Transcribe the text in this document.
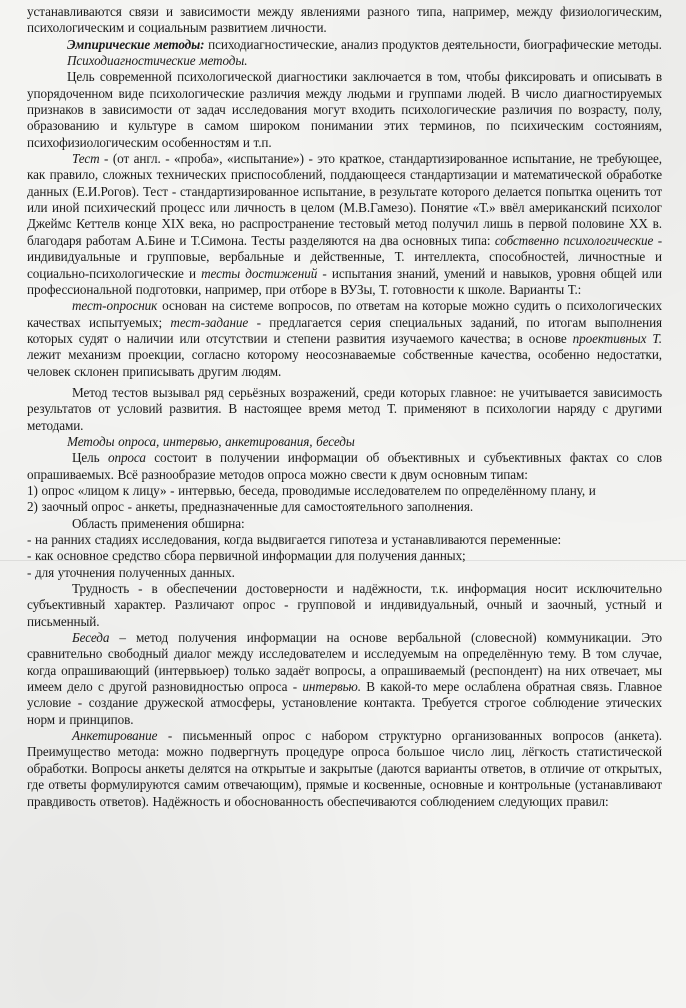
устанавливаются связи и зависимости между явлениями разного типа, например, между физиологическим, психологическим и социальным развитием личности.

Эмпирические методы: психодиагностические, анализ продуктов деятельности, биографические методы.

Психодиагностические методы.

Цель современной психологической диагностики заключается в том, чтобы фиксировать и описывать в упорядоченном виде психологические различия между людьми и группами людей. В число диагностируемых признаков в зависимости от задач исследования могут входить психологические различия по возрасту, полу, образованию и культуре в самом широком понимании этих терминов, по психическим состояниям, психофизиологическим особенностям и т.п.

Тест - (от англ. - «проба», «испытание») - это краткое, стандартизированное испытание, не требующее, как правило, сложных технических приспособлений, поддающееся стандартизации и математической обработке данных (Е.И.Рогов). Тест - стандартизированное испытание, в результате которого делается попытка оценить тот или иной психический процесс или личность в целом (М.В.Гамезо). Понятие «Т.» ввёл американский психолог Джеймс Кеттелв конце XIX века, но распространение тестовый метод получил лишь в первой половине XX в. благодаря работам А.Бине и Т.Симона. Тесты разделяются на два основных типа: собственно психологические - индивидуальные и групповые, вербальные и действенные, Т. интеллекта, способностей, личностные и социально-психологические и тесты достижений - испытания знаний, умений и навыков, уровня общей или профессиональной подготовки, например, при отборе в ВУЗы, Т. готовности к школе. Варианты Т.:

тест-опросник основан на системе вопросов, по ответам на которые можно судить о психологических качествах испытуемых; тест-задание - предлагается серия специальных заданий, по итогам выполнения которых судят о наличии или отсутствии и степени развития изучаемого качества; в основе проективных Т. лежит механизм проекции, согласно которому неосознаваемые собственные качества, особенно недостатки, человек склонен приписывать другим людям.

Метод тестов вызывал ряд серьёзных возражений, среди которых главное: не учитывается зависимость результатов от условий развития. В настоящее время метод Т. применяют в психологии наряду с другими методами.

Методы опроса, интервью, анкетирования, беседы

Цель опроса состоит в получении информации об объективных и субъективных фактах со слов опрашиваемых. Всё разнообразие методов опроса можно свести к двум основным типам:

1) опрос «лицом к лицу» - интервью, беседа, проводимые исследователем по определённому плану, и

2) заочный опрос - анкеты, предназначенные для самостоятельного заполнения.

Область применения обширна:

- на ранних стадиях исследования, когда выдвигается гипотеза и устанавливаются переменные:

- как основное средство сбора первичной информации для получения данных;

- для уточнения полученных данных.

Трудность - в обеспечении достоверности и надёжности, т.к. информация носит исключительно субъективный характер. Различают опрос - групповой и индивидуальный, очный и заочный, устный и письменный.

Беседа – метод получения информации на основе вербальной (словесной) коммуникации. Это сравнительно свободный диалог между исследователем и исследуемым на определённую тему. В том случае, когда опрашивающий (интервьюер) только задаёт вопросы, а опрашиваемый (респондент) на них отвечает, мы имеем дело с другой разновидностью опроса - интервью. В какой-то мере ослаблена обратная связь. Главное условие - создание дружеской атмосферы, установление контакта. Требуется строгое соблюдение этических норм и принципов.

Анкетирование - письменный опрос с набором структурно организованных вопросов (анкета). Преимущество метода: можно подвергнуть процедуре опроса большое число лиц, лёгкость статистической обработки. Вопросы анкеты делятся на открытые и закрытые (даются варианты ответов, в отличие от открытых, где ответы формулируются самим отвечающим), прямые и косвенные, основные и контрольные (устанавливают правдивость ответов). Надёжность и обоснованность обеспечиваются соблюдением следующих правил:
